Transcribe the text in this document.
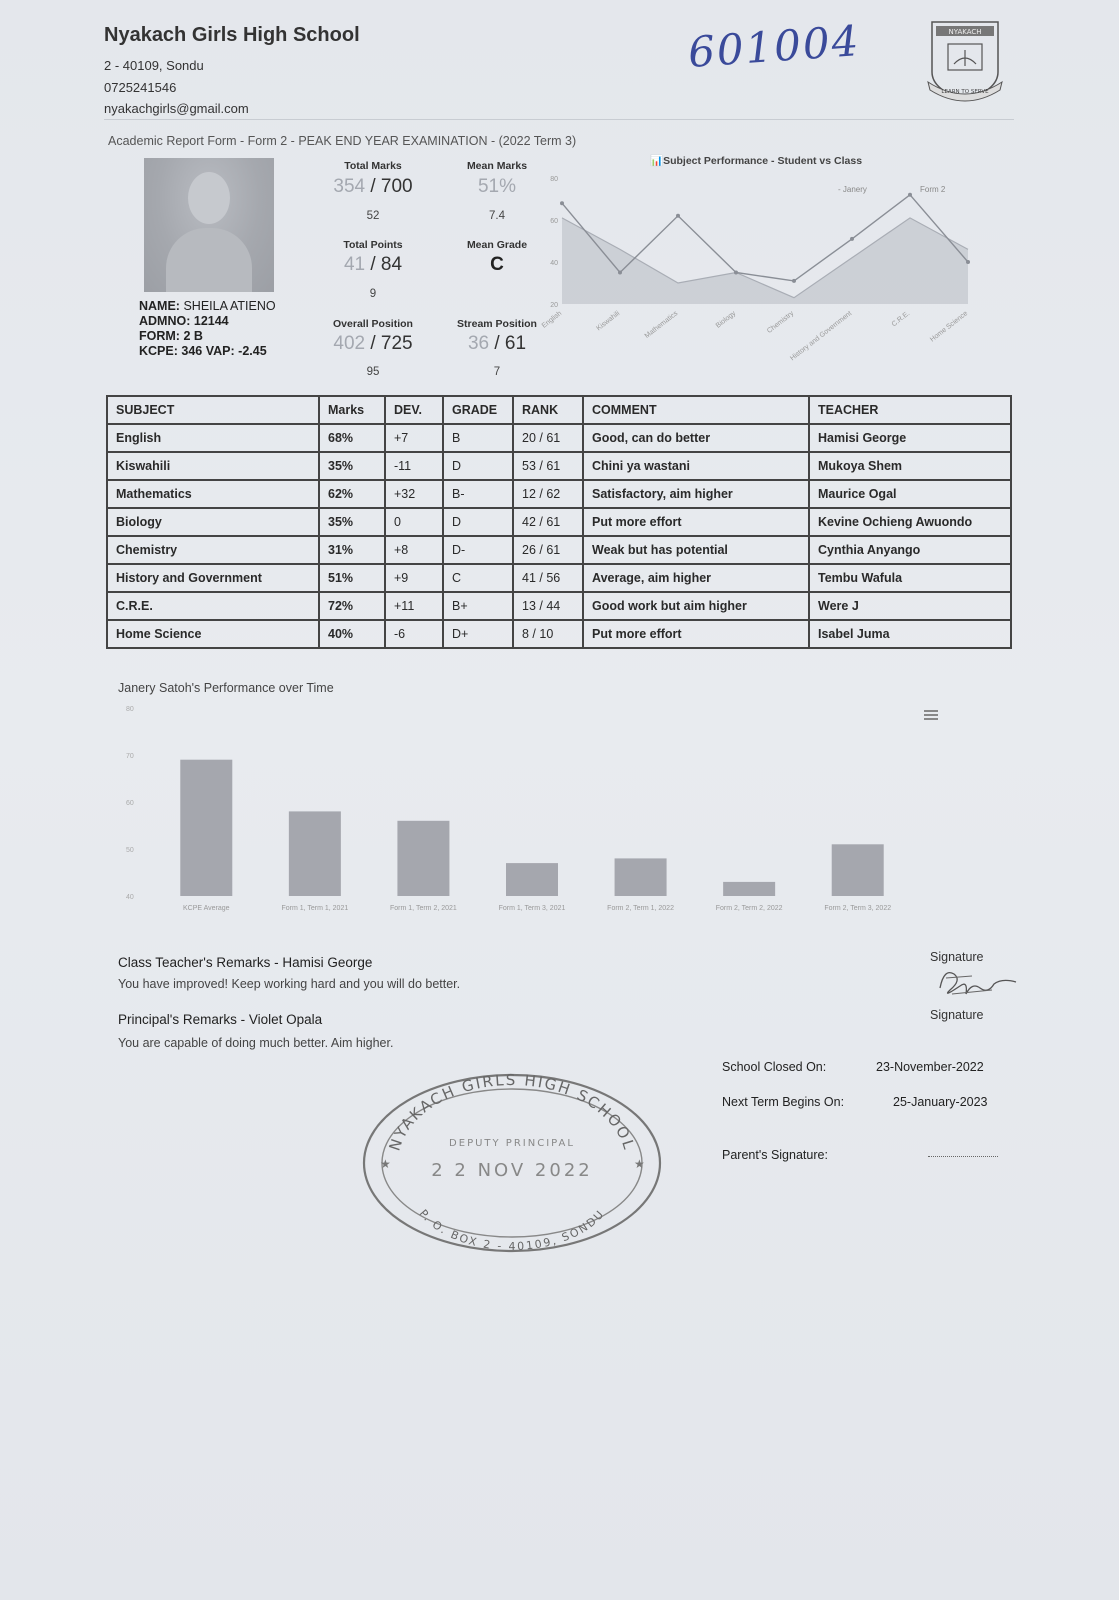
Nyakach Girls High School
2 - 40109, Sondu
0725241546
nyakachgirls@gmail.com
601004	NYAKACH
LEARN TO SERVE
Academic Report Form - Form 2 - PEAK END YEAR EXAMINATION - (2022 Term 3)
NAME: SHEILA ATIENO
ADMNO: 12144
FORM: 2 B
KCPE: 346 VAP: -2.45
Total Marks
354 / 700
52
Mean Marks
51%
7.4
Total Points
41 / 84
9
Mean Grade
C
Overall Position
402 / 725
95
Stream Position
36 / 61
7
📊Subject Performance - Student vs Class
20
40
60
80
- Janery	Form 2
English	Kiswahili	Mathematics	Biology	Chemistry
History and Government	C.R.E.	Home Science
SUBJECT	Marks	DEV.	GRADE	RANK	COMMENT	TEACHER
English	68%	+7	B	20 / 61	Good, can do better	Hamisi George
Kiswahili	35%	-11	D	53 / 61	Chini ya wastani	Mukoya Shem
Mathematics	62%	+32	B-	12 / 62	Satisfactory, aim higher	Maurice Ogal
Biology	35%	0	D	42 / 61	Put more effort	Kevine Ochieng Awuondo
Chemistry	31%	+8	D-	26 / 61	Weak but has potential	Cynthia Anyango
History and Government	51%	+9	C	41 / 56	Average, aim higher	Tembu Wafula
C.R.E.	72%	+11	B+	13 / 44	Good work but aim higher	Were J
Home Science	40%	-6	D+	8 / 10	Put more effort	Isabel Juma
Janery Satoh's Performance over Time
40
50
60
70
80
KCPE Average	Form 1, Term 1, 2021	Form 1, Term 2, 2021	Form 1, Term 3, 2021	Form 2, Term 1, 2022	Form 2, Term 2, 2022	Form 2, Term 3, 2022
Class Teacher's Remarks - Hamisi George
You have improved! Keep working hard and you will do better.
Principal's Remarks - Violet Opala
You are capable of doing much better. Aim higher.
Signature
Signature
School Closed On:	23-November-2022
Next Term Begins On:	25-January-2023
Parent's Signature:
NYAKACH GIRLS HIGH SCHOOL
DEPUTY PRINCIPAL
2 2 NOV 2022
P. O. BOX 2 - 40109, SONDU
★	★
